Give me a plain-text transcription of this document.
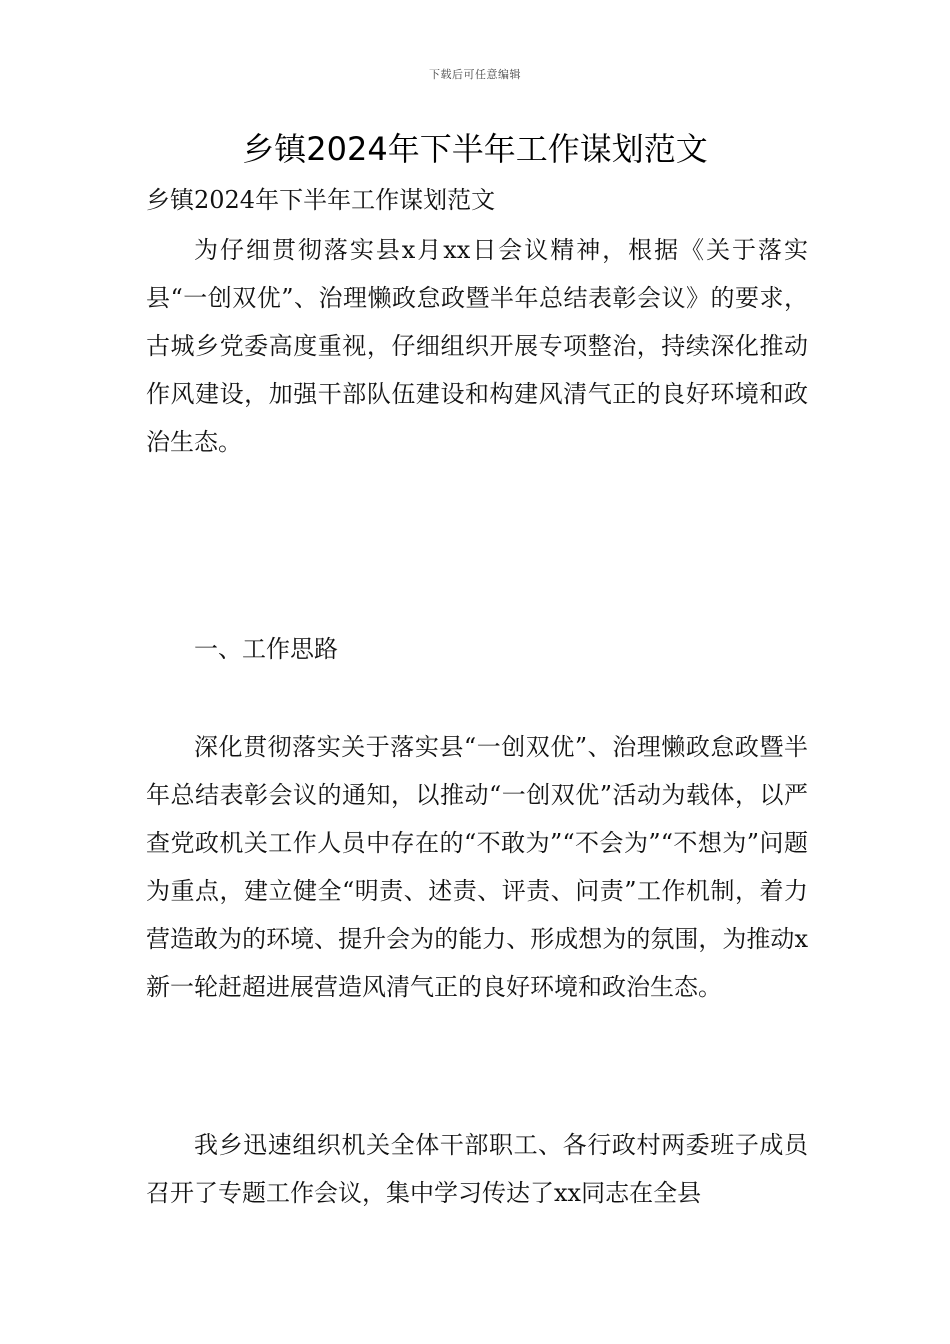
下载后可任意编辑
乡镇2024年下半年工作谋划范文
乡镇2024年下半年工作谋划范文

为仔细贯彻落实县x月xx日会议精神，根据《关于落实县“一创双优”、治理懒政怠政暨半年总结表彰会议》的要求，古城乡党委高度重视，仔细组织开展专项整治，持续深化推动作风建设，加强干部队伍建设和构建风清气正的良好环境和政治生态。

一、工作思路

深化贯彻落实关于落实县“一创双优”、治理懒政怠政暨半年总结表彰会议的通知，以推动“一创双优”活动为载体，以严查党政机关工作人员中存在的“不敢为”“不会为”“不想为”问题为重点，建立健全“明责、述责、评责、问责”工作机制，着力营造敢为的环境、提升会为的能力、形成想为的氛围，为推动x新一轮赶超进展营造风清气正的良好环境和政治生态。

我乡迅速组织机关全体干部职工、各行政村两委班子成员召开了专题工作会议，集中学习传达了xx同志在全县
